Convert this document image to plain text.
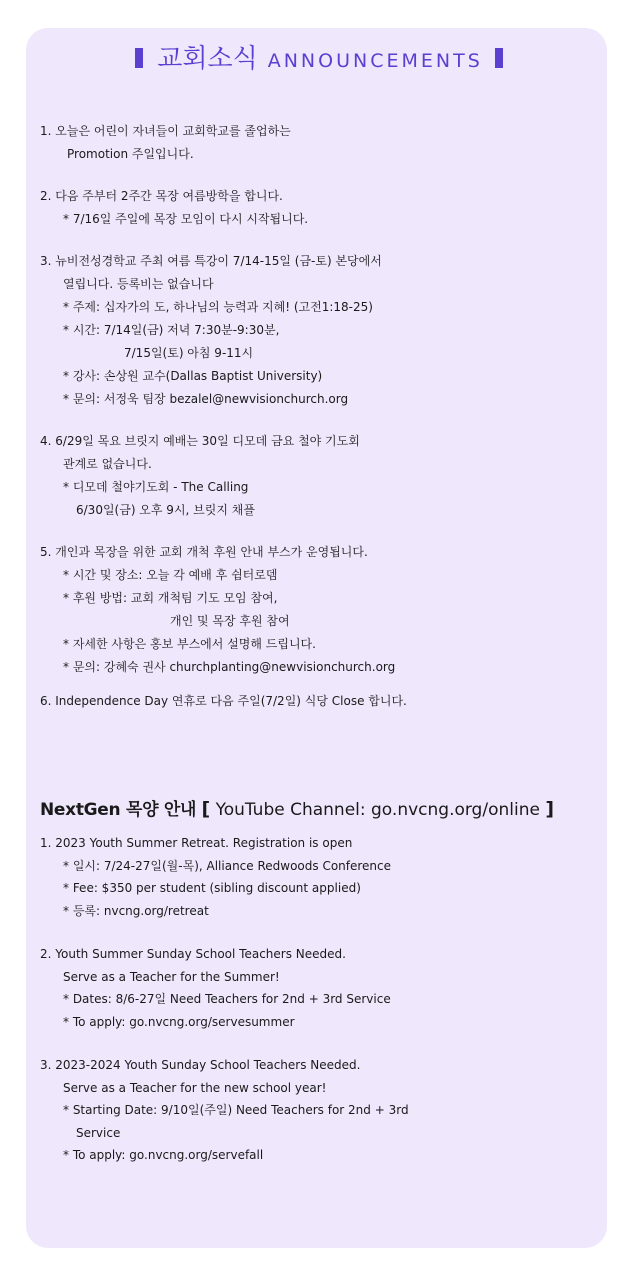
교회소식 ANNOUNCEMENTS
1. 오늘은 어린이 자녀들이 교회학교를 졸업하는
Promotion 주일입니다.
2. 다음 주부터 2주간 목장 여름방학을 합니다.
* 7/16일 주일에 목장 모임이 다시 시작됩니다.
3. 뉴비전성경학교 주최 여름 특강이 7/14-15일 (금-토) 본당에서
열립니다. 등록비는 없습니다
* 주제: 십자가의 도, 하나님의 능력과 지혜! (고전1:18-25)
* 시간: 7/14일(금) 저녁 7:30분-9:30분,
7/15일(토) 아침 9-11시
* 강사: 손상원 교수(Dallas Baptist University)
* 문의: 서정욱 팀장 bezalel@newvisionchurch.org
4. 6/29일 목요 브릿지 예배는 30일 디모데 금요 철야 기도회
관계로 없습니다.
* 디모데 철야기도회 - The Calling
6/30일(금) 오후 9시, 브릿지 채플
5. 개인과 목장을 위한 교회 개척 후원 안내 부스가 운영됩니다.
* 시간 및 장소: 오늘 각 예배 후 쉼터로뎀
* 후원 방법: 교회 개척팀 기도 모임 참여,
개인 및 목장 후원 참여
* 자세한 사항은 홍보 부스에서 설명해 드립니다.
* 문의: 강혜숙 권사 churchplanting@newvisionchurch.org
6. Independence Day 연휴로 다음 주일(7/2일) 식당 Close 합니다.
NextGen 목양 안내 [ YouTube Channel: go.nvcng.org/online ]
1. 2023 Youth Summer Retreat. Registration is open
* 일시: 7/24-27일(월-목), Alliance Redwoods Conference
* Fee: $350 per student (sibling discount applied)
* 등록: nvcng.org/retreat
2. Youth Summer Sunday School Teachers Needed.
Serve as a Teacher for the Summer!
* Dates: 8/6-27일 Need Teachers for 2nd + 3rd Service
* To apply: go.nvcng.org/servesummer
3. 2023-2024 Youth Sunday School Teachers Needed.
Serve as a Teacher for the new school year!
* Starting Date: 9/10일(주일) Need Teachers for 2nd + 3rd
Service
* To apply: go.nvcng.org/servefall
